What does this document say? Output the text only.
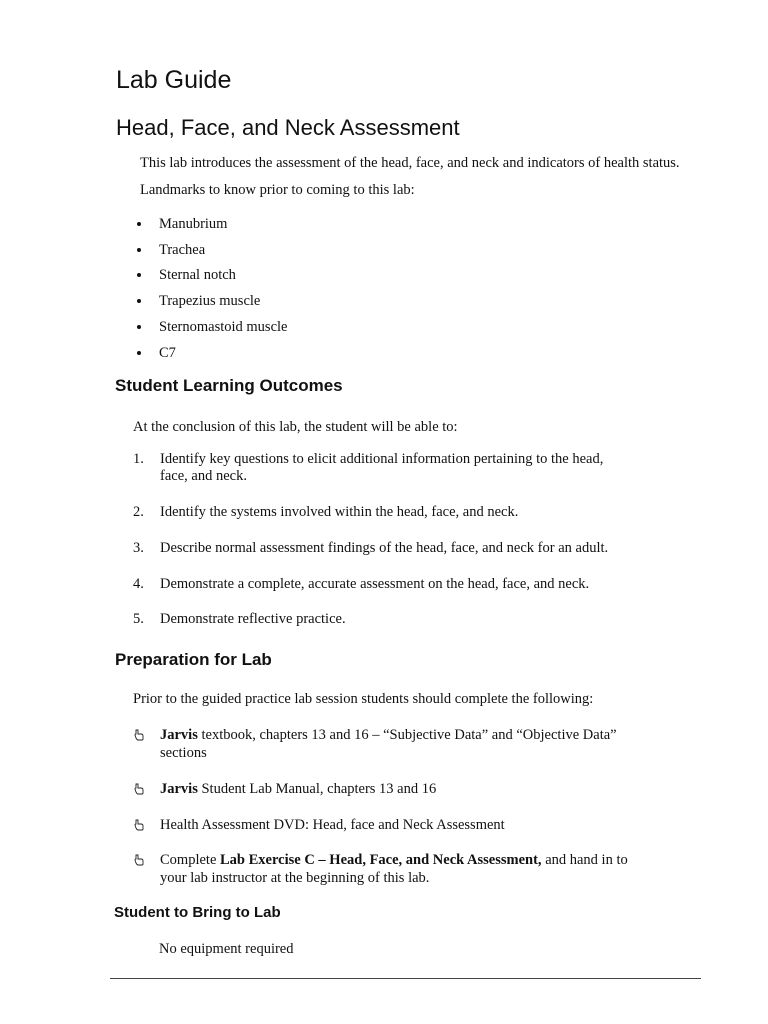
Lab Guide
Head, Face, and Neck Assessment
This lab introduces the assessment of the head, face, and neck and indicators of health status.
Landmarks to know prior to coming to this lab:
Manubrium
Trachea
Sternal notch
Trapezius muscle
Sternomastoid muscle
C7
Student Learning Outcomes
At the conclusion of this lab, the student will be able to:
1. Identify key questions to elicit additional information pertaining to the head,
face, and neck.
2. Identify the systems involved within the head, face, and neck.
3. Describe normal assessment findings of the head, face, and neck for an adult.
4. Demonstrate a complete, accurate assessment on the head, face, and neck.
5. Demonstrate reflective practice.
Preparation for Lab
Prior to the guided practice lab session students should complete the following:
Jarvis textbook, chapters 13 and 16 – “Subjective Data” and “Objective Data”
sections
Jarvis Student Lab Manual, chapters 13 and 16
Health Assessment DVD: Head, face and Neck Assessment
Complete Lab Exercise C – Head, Face, and Neck Assessment, and hand in to
your lab instructor at the beginning of this lab.
Student to Bring to Lab
No equipment required
